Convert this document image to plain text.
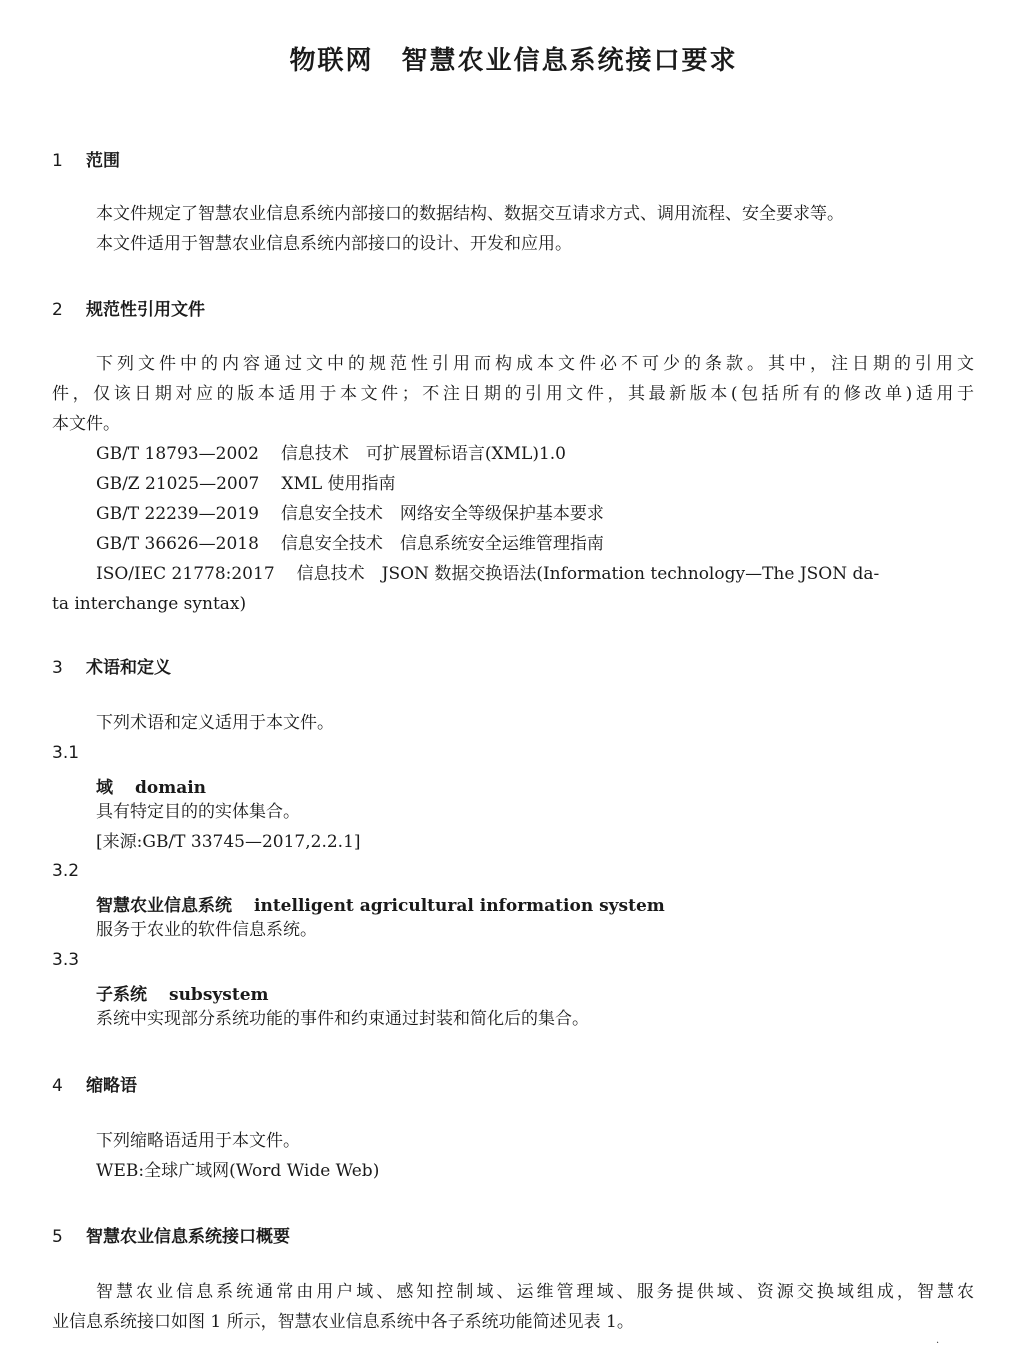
物联网　智慧农业信息系统接口要求
1 范围
本文件规定了智慧农业信息系统内部接口的数据结构、数据交互请求方式、调用流程、安全要求等。
本文件适用于智慧农业信息系统内部接口的设计、开发和应用。
2 规范性引用文件
下列文件中的内容通过文中的规范性引用而构成本文件必不可少的条款。其中，注日期的引用文
件，仅该日期对应的版本适用于本文件；不注日期的引用文件，其最新版本(包括所有的修改单)适用于
本文件。
GB/T 18793—2002 信息技术　可扩展置标语言(XML)1.0
GB/Z 21025—2007 XML 使用指南
GB/T 22239—2019 信息安全技术　网络安全等级保护基本要求
GB/T 36626—2018 信息安全技术　信息系统安全运维管理指南
ISO/IEC 21778:2017 信息技术　JSON 数据交换语法(Information technology—The JSON da-
ta interchange syntax)
3 术语和定义
下列术语和定义适用于本文件。
3.1
域 domain
具有特定目的的实体集合。
[来源:GB/T 33745—2017,2.2.1]
3.2
智慧农业信息系统 intelligent agricultural information system
服务于农业的软件信息系统。
3.3
子系统 subsystem
系统中实现部分系统功能的事件和约束通过封装和简化后的集合。
4 缩略语
下列缩略语适用于本文件。
WEB:全球广域网(Word Wide Web)
5 智慧农业信息系统接口概要
智慧农业信息系统通常由用户域、感知控制域、运维管理域、服务提供域、资源交换域组成，智慧农
业信息系统接口如图 1 所示，智慧农业信息系统中各子系统功能简述见表 1。
·
